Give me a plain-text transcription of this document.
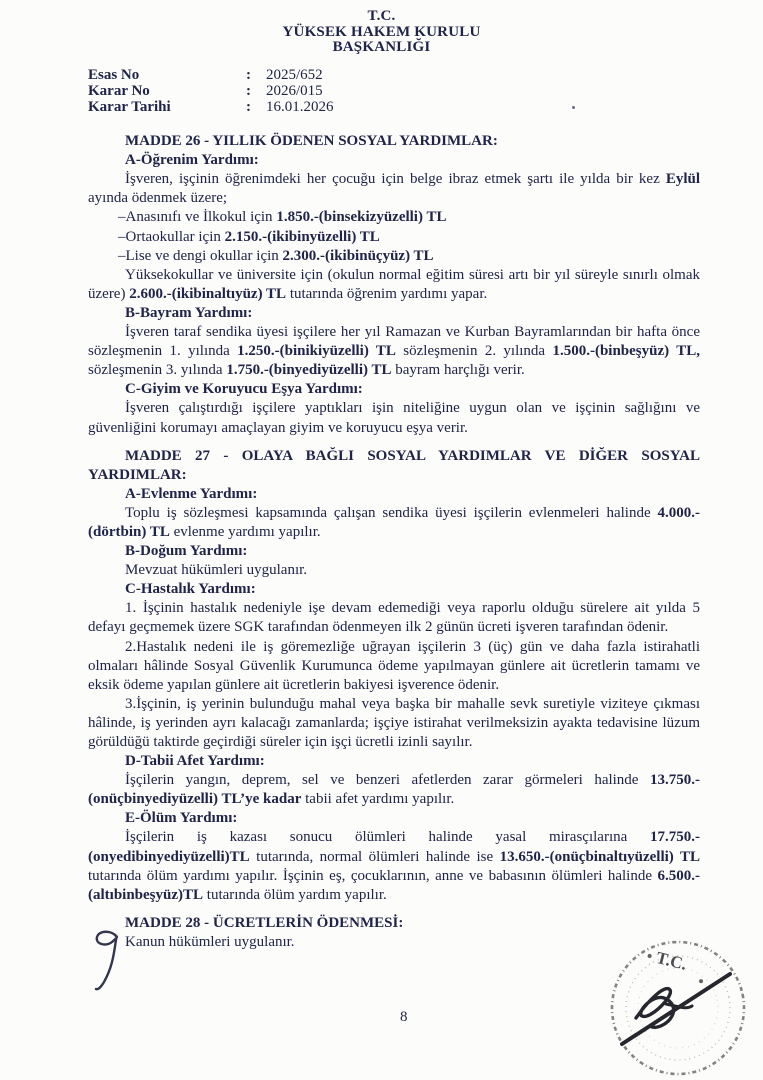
T.C.
YÜKSEK HAKEM KURULU
BAŞKANLIĞI
Esas No	:	2025/652
Karar No	:	2026/015
Karar Tarihi	:	16.01.2026

MADDE 26 - YILLIK ÖDENEN SOSYAL YARDIMLAR:

A-Öğrenim Yardımı:

İşveren, işçinin öğrenimdeki her çocuğu için belge ibraz etmek şartı ile yılda bir kez Eylül ayında ödenmek üzere;

–Anasınıfı ve İlkokul için 1.850.-(binsekizyüzelli) TL

–Ortaokullar için 2.150.-(ikibinyüzelli) TL

–Lise ve dengi okullar için 2.300.-(ikibinüçyüz) TL

Yüksekokullar ve üniversite için (okulun normal eğitim süresi artı bir yıl süreyle sınırlı olmak üzere) 2.600.-(ikibinaltıyüz) TL tutarında öğrenim yardımı yapar.

B-Bayram Yardımı:

İşveren taraf sendika üyesi işçilere her yıl Ramazan ve Kurban Bayramlarından bir hafta önce sözleşmenin 1. yılında 1.250.-(binikiyüzelli) TL sözleşmenin 2. yılında 1.500.-(binbeşyüz) TL, sözleşmenin 3. yılında 1.750.-(binyediyüzelli) TL bayram harçlığı verir.

C-Giyim ve Koruyucu Eşya Yardımı:

İşveren çalıştırdığı işçilere yaptıkları işin niteliğine uygun olan ve işçinin sağlığını ve güvenliğini korumayı amaçlayan giyim ve koruyucu eşya verir.

MADDE 27 - OLAYA BAĞLI SOSYAL YARDIMLAR VE DİĞER SOSYAL YARDIMLAR:

A-Evlenme Yardımı:

Toplu iş sözleşmesi kapsamında çalışan sendika üyesi işçilerin evlenmeleri halinde 4.000.-(dörtbin) TL evlenme yardımı yapılır.

B-Doğum Yardımı:

Mevzuat hükümleri uygulanır.

C-Hastalık Yardımı:

1. İşçinin hastalık nedeniyle işe devam edemediği veya raporlu olduğu sürelere ait yılda 5 defayı geçmemek üzere SGK tarafından ödenmeyen ilk 2 günün ücreti işveren tarafından ödenir.

2.Hastalık nedeni ile iş göremezliğe uğrayan işçilerin 3 (üç) gün ve daha fazla istirahatli olmaları hâlinde Sosyal Güvenlik Kurumunca ödeme yapılmayan günlere ait ücretlerin tamamı ve eksik ödeme yapılan günlere ait ücretlerin bakiyesi işverence ödenir.

3.İşçinin, iş yerinin bulunduğu mahal veya başka bir mahalle sevk suretiyle viziteye çıkması hâlinde, iş yerinden ayrı kalacağı zamanlarda; işçiye istirahat verilmeksizin ayakta tedavisine lüzum görüldüğü taktirde geçirdiği süreler için işçi ücretli izinli sayılır.

D-Tabii Afet Yardımı:

İşçilerin yangın, deprem, sel ve benzeri afetlerden zarar görmeleri halinde 13.750.-(onüçbinyediyüzelli) TL’ye kadar tabii afet yardımı yapılır.

E-Ölüm Yardımı:

İşçilerin iş kazası sonucu ölümleri halinde yasal mirasçılarına 17.750.-(onyedibinyediyüzelli)TL tutarında, normal ölümleri halinde ise 13.650.-(onüçbinaltıyüzelli) TL tutarında ölüm yardımı yapılır. İşçinin eş, çocuklarının, anne ve babasının ölümleri halinde 6.500.-(altıbinbeşyüz)TL tutarında ölüm yardım yapılır.

MADDE 28 - ÜCRETLERİN ÖDENMESİ:

Kanun hükümleri uygulanır.

T.C.
8
